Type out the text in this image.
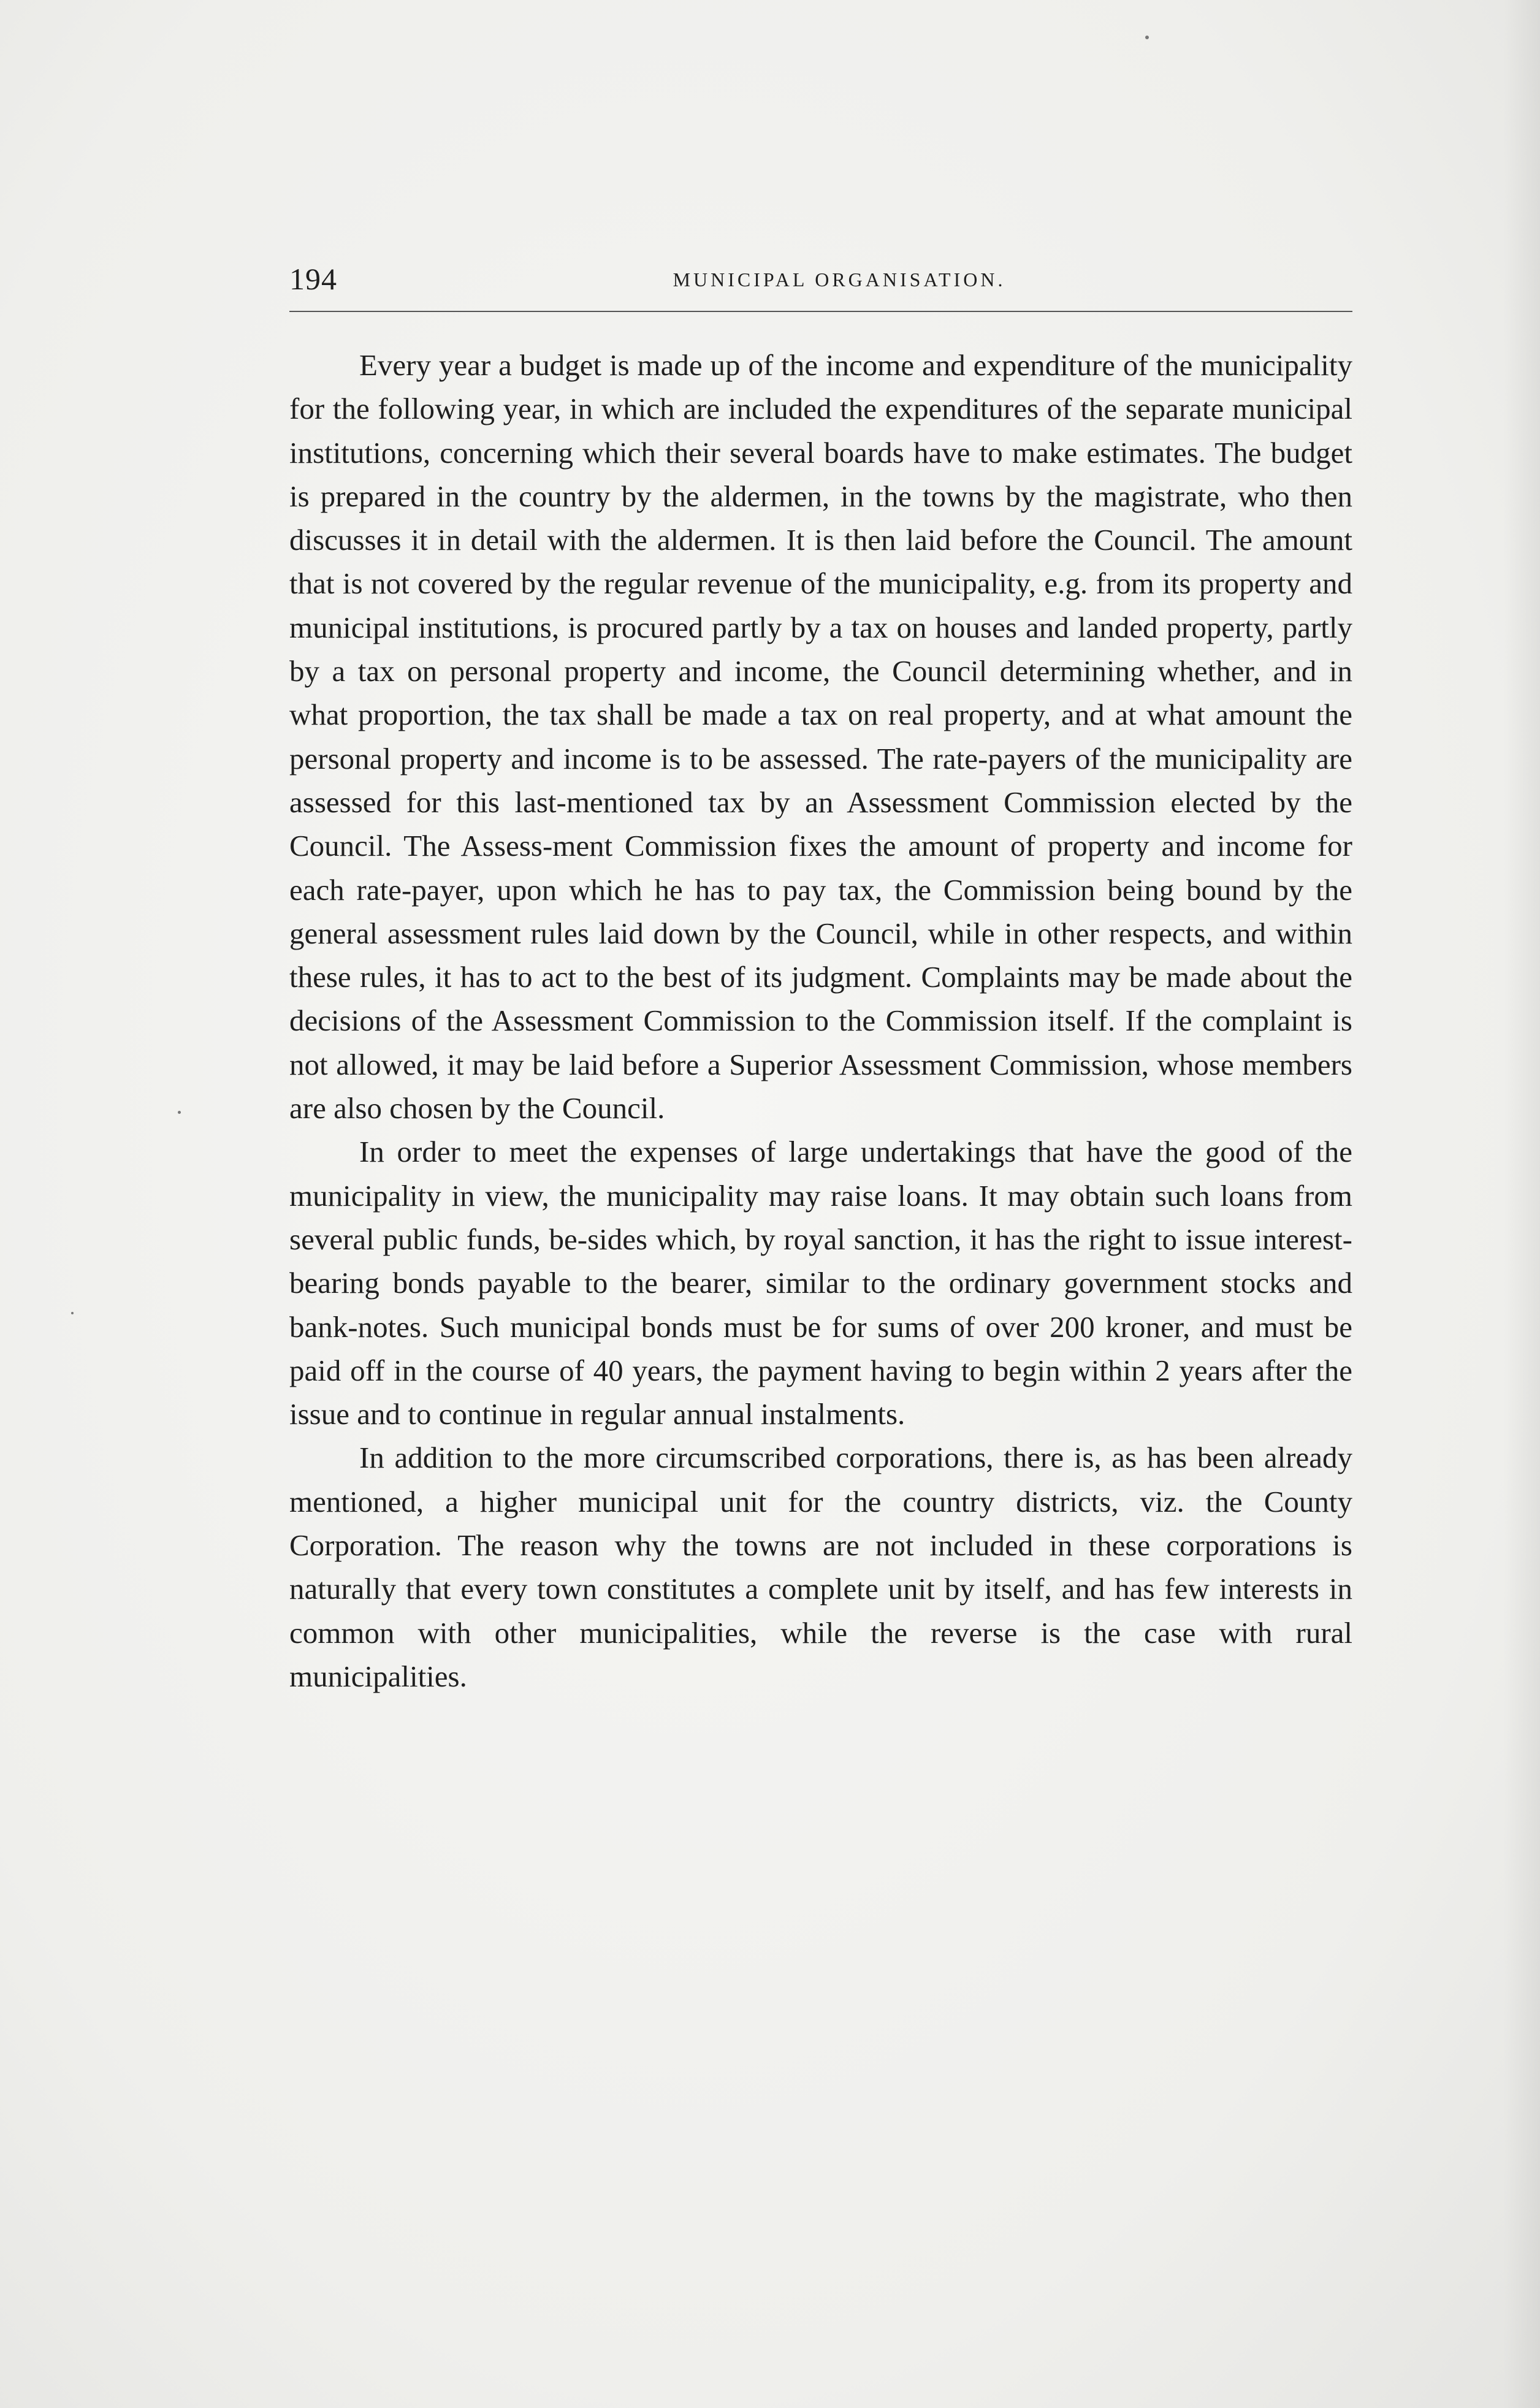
194	MUNICIPAL ORGANISATION.

Every year a budget is made up of the income and expenditure of the municipality for the following year, in which are included the expenditures of the separate municipal institutions, concerning which their several boards have to make estimates. The budget is prepared in the country by the aldermen, in the towns by the magistrate, who then discusses it in detail with the aldermen. It is then laid before the Council. The amount that is not covered by the regular revenue of the municipality, e.g. from its property and municipal institutions, is procured partly by a tax on houses and landed property, partly by a tax on personal property and income, the Council determining whether, and in what proportion, the tax shall be made a tax on real property, and at what amount the personal property and income is to be assessed. The rate-payers of the municipality are assessed for this last-mentioned tax by an Assessment Commission elected by the Council. The Assess-ment Commission fixes the amount of property and income for each rate-payer, upon which he has to pay tax, the Commission being bound by the general assessment rules laid down by the Council, while in other respects, and within these rules, it has to act to the best of its judgment. Complaints may be made about the decisions of the Assessment Commission to the Commission itself. If the complaint is not allowed, it may be laid before a Superior Assessment Commission, whose members are also chosen by the Council.

In order to meet the expenses of large undertakings that have the good of the municipality in view, the municipality may raise loans. It may obtain such loans from several public funds, be-sides which, by royal sanction, it has the right to issue interest-bearing bonds payable to the bearer, similar to the ordinary government stocks and bank-notes. Such municipal bonds must be for sums of over 200 kroner, and must be paid off in the course of 40 years, the payment having to begin within 2 years after the issue and to continue in regular annual instalments.

In addition to the more circumscribed corporations, there is, as has been already mentioned, a higher municipal unit for the country districts, viz. the County Corporation. The reason why the towns are not included in these corporations is naturally that every town constitutes a complete unit by itself, and has few interests in common with other municipalities, while the reverse is the case with rural municipalities.
